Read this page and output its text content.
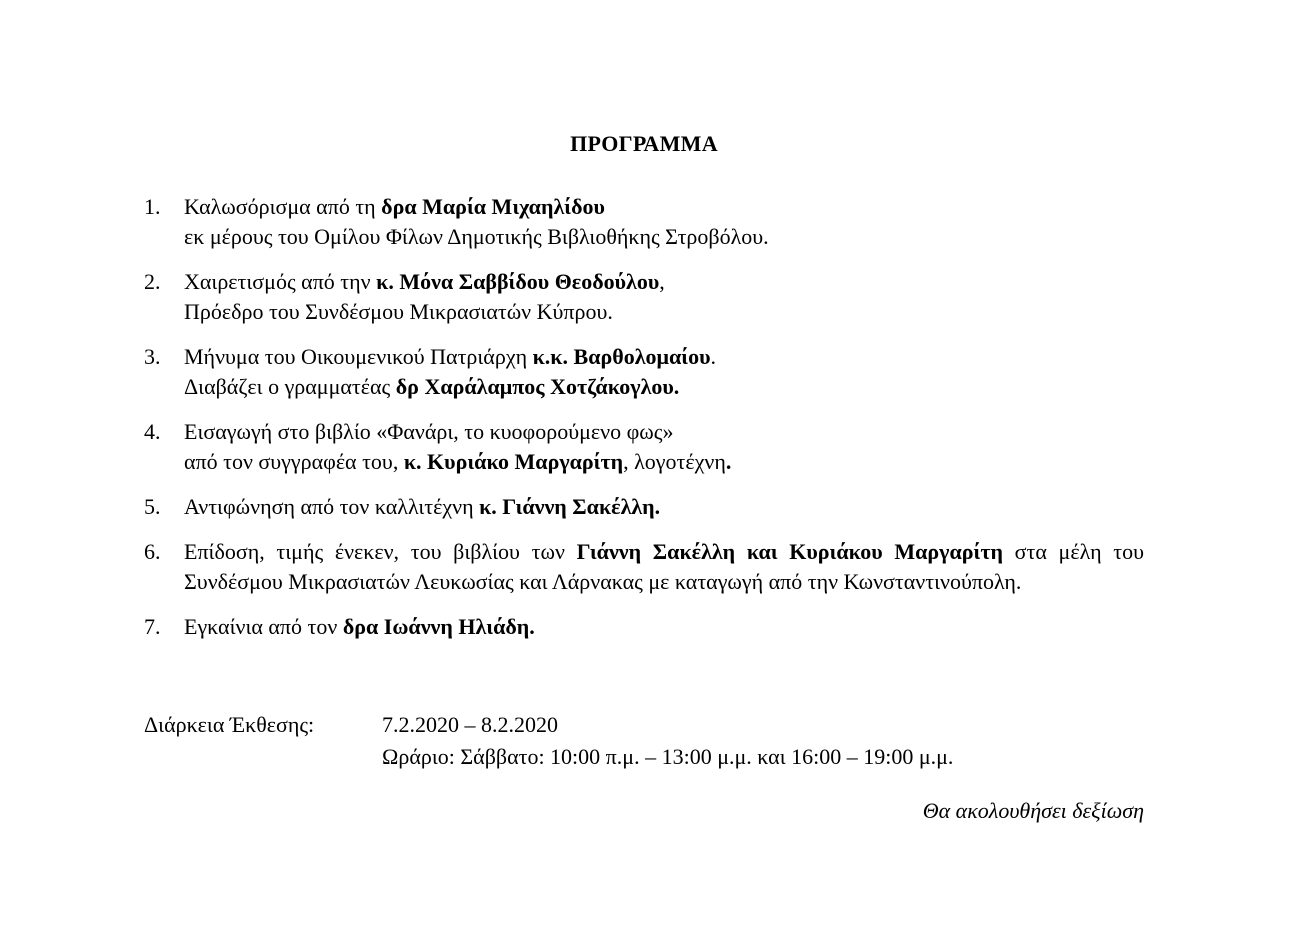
ΠΡΟΓΡΑΜΜΑ
1. Καλωσόρισμα από τη δρα Μαρία Μιχαηλίδου
εκ μέρους του Ομίλου Φίλων Δημοτικής Βιβλιοθήκης Στροβόλου.
2. Χαιρετισμός από την κ. Μόνα Σαββίδου Θεοδούλου,
Πρόεδρο του Συνδέσμου Μικρασιατών Κύπρου.
3. Μήνυμα του Οικουμενικού Πατριάρχη κ.κ. Βαρθολομαίου.
Διαβάζει ο γραμματέας δρ Χαράλαμπος Χοτζάκογλου.
4. Εισαγωγή στο βιβλίο «Φανάρι, το κυοφορούμενο φως»
από τον συγγραφέα του, κ. Κυριάκο Μαργαρίτη, λογοτέχνη.
5. Αντιφώνηση από τον καλλιτέχνη κ. Γιάννη Σακέλλη.
6. Επίδοση, τιμής ένεκεν, του βιβλίου των Γιάννη Σακέλλη και Κυριάκου Μαργαρίτη στα μέλη του Συνδέσμου Μικρασιατών Λευκωσίας και Λάρνακας με καταγωγή από την Κωνσταντινούπολη.
7. Εγκαίνια από τον δρα Ιωάννη Ηλιάδη.
Διάρκεια Έκθεσης:	7.2.2020 – 8.2.2020
Ωράριο: Σάββατο: 10:00 π.μ. – 13:00 μ.μ. και 16:00 – 19:00 μ.μ.
Θα ακολουθήσει δεξίωση
